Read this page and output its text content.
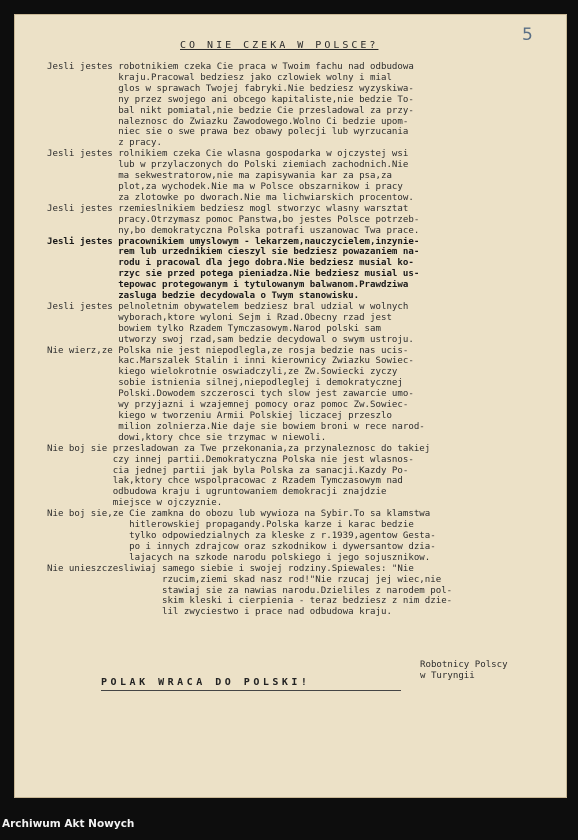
5
CO NIE CZEKA W POLSCE?
Jesli jestes robotnikiem czeka Cie praca w Twoim fachu nad odbudowa
kraju.Pracowal bedziesz jako czlowiek wolny i mial
glos w sprawach Twojej fabryki.Nie bedziesz wyzyskiwa-
ny przez swojego ani obcego kapitaliste,nie bedzie To-
bal nikt pomiatal,nie bedzie Cie przesladowal za przy-
naleznosc do Zwiazku Zawodowego.Wolno Ci bedzie upom-
niec sie o swe prawa bez obawy polecji lub wyrzucania
z pracy.
Jesli jestes rolnikiem czeka Cie wlasna gospodarka w ojczystej wsi
lub w przylaczonych do Polski ziemiach zachodnich.Nie
ma sekwestratorow,nie ma zapisywania kar za psa,za
plot,za wychodek.Nie ma w Polsce obszarnikow i pracy
za zlotowke po dworach.Nie ma lichwiarskich procentow.
Jesli jestes rzemieslnikiem bedziesz mogl stworzyc wlasny warsztat
pracy.Otrzymasz pomoc Panstwa,bo jestes Polsce potrzeb-
ny,bo demokratyczna Polska potrafi uszanowac Twa prace.
Jesli jestes pracownikiem umyslowym - lekarzem,nauczycielem,inzynie-
rem lub urzednikiem cieszyl sie bedziesz powazaniem na-
rodu i pracowal dla jego dobra.Nie bedziesz musial ko-
rzyc sie przed potega pieniadza.Nie bedziesz musial us-
tepowac protegowanym i tytulowanym balwanom.Prawdziwa
zasluga bedzie decydowala o Twym stanowisku.
Jesli jestes pelnoletnim obywatelem bedziesz bral udzial w wolnych
wyborach,ktore wyloni Sejm i Rzad.Obecny rzad jest
bowiem tylko Rzadem Tymczasowym.Narod polski sam
utworzy swoj rzad,sam bedzie decydowal o swym ustroju.
Nie wierz,ze Polska nie jest niepodlegla,ze rosja bedzie nas ucis-
kac.Marszalek Stalin i inni kierownicy Zwiazku Sowiec-
kiego wielokrotnie oswiadczyli,ze Zw.Sowiecki zyczy
sobie istnienia silnej,niepodleglej i demokratycznej
Polski.Dowodem szczerosci tych slow jest zawarcie umo-
wy przyjazni i wzajemnej pomocy oraz pomoc Zw.Sowiec-
kiego w tworzeniu Armii Polskiej liczacej przeszlo
milion zolnierza.Nie daje sie bowiem broni w rece narod-
dowi,ktory chce sie trzymac w niewoli.
Nie boj sie przesladowan za Twe przekonania,za przynaleznosc do takiej
czy innej partii.Demokratyczna Polska nie jest wlasnos-
cia jednej partii jak byla Polska za sanacji.Kazdy Po-
lak,ktory chce wspolpracowac z Rzadem Tymczasowym nad
odbudowa kraju i ugruntowaniem demokracji znajdzie
miejsce w ojczyznie.
Nie boj sie,ze Cie zamkna do obozu lub wywioza na Sybir.To sa klamstwa
hitlerowskiej propagandy.Polska karze i karac bedzie
tylko odpowiedzialnych za kleske z r.1939,agentow Gesta-
po i innych zdrajcow oraz szkodnikow i dywersantow dzia-
lajacych na szkode narodu polskiego i jego sojusznikow.
Nie unieszczesliwiaj samego siebie i swojej rodziny.Spiewales: "Nie
rzucim,ziemi skad nasz rod!"Nie rzucaj jej wiec,nie
stawiaj sie za nawias narodu.Dzieliles z narodem pol-
skim kleski i cierpienia - teraz bedziesz z nim dzie-
lil zwyciestwo i prace nad odbudowa kraju.
POLAK WRACA DO POLSKI!
Robotnicy Polscy
w Turyngii
Archiwum Akt Nowych
